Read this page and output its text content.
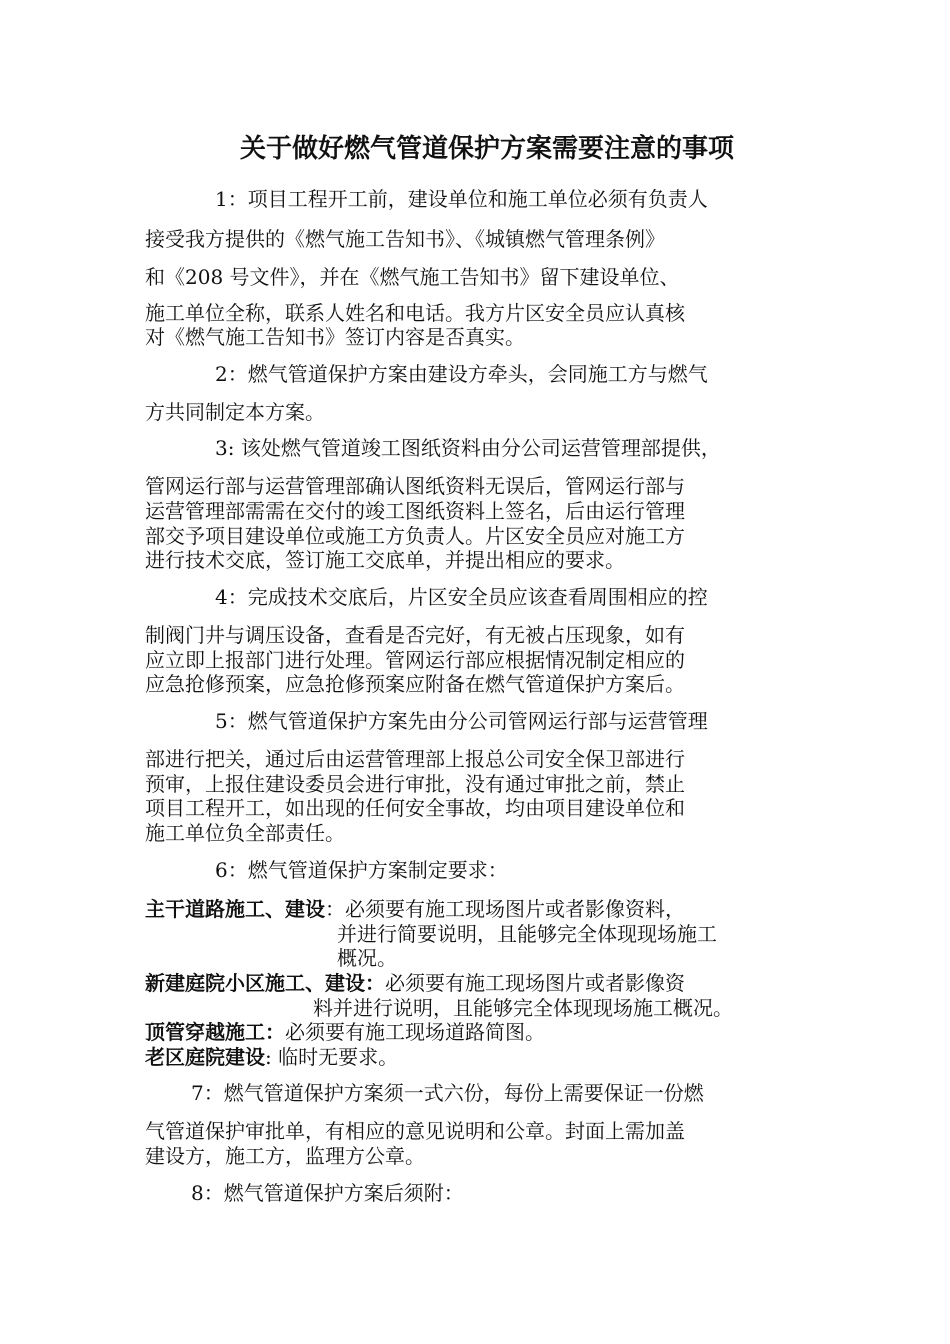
关于做好燃气管道保护方案需要注意的事项
1：项目工程开工前，建设单位和施工单位必须有负责人
接受我方提供的《燃气施工告知书》、《城镇燃气管理条例》
和《208 号文件》，并在《燃气施工告知书》留下建设单位、
施工单位全称，联系人姓名和电话。我方片区安全员应认真核
对《燃气施工告知书》签订内容是否真实。
2：燃气管道保护方案由建设方牵头，会同施工方与燃气
方共同制定本方案。
3: 该处燃气管道竣工图纸资料由分公司运营管理部提供，
管网运行部与运营管理部确认图纸资料无误后，管网运行部与
运营管理部需需在交付的竣工图纸资料上签名，后由运行管理
部交予项目建设单位或施工方负责人。片区安全员应对施工方
进行技术交底，签订施工交底单，并提出相应的要求。
4：完成技术交底后，片区安全员应该查看周围相应的控
制阀门井与调压设备，查看是否完好，有无被占压现象，如有
应立即上报部门进行处理。管网运行部应根据情况制定相应的
应急抢修预案，应急抢修预案应附备在燃气管道保护方案后。
5：燃气管道保护方案先由分公司管网运行部与运营管理
部进行把关，通过后由运营管理部上报总公司安全保卫部进行
预审，上报住建设委员会进行审批，没有通过审批之前，禁止
项目工程开工，如出现的任何安全事故，均由项目建设单位和
施工单位负全部责任。
6：燃气管道保护方案制定要求：
主干道路施工、建设：必须要有施工现场图片或者影像资料，
并进行简要说明，且能够完全体现现场施工
概况。
新建庭院小区施工、建设：必须要有施工现场图片或者影像资
料并进行说明，且能够完全体现现场施工概况。
顶管穿越施工：必须要有施工现场道路简图。
老区庭院建设: 临时无要求。
7：燃气管道保护方案须一式六份，每份上需要保证一份燃
气管道保护审批单，有相应的意见说明和公章。封面上需加盖
建设方，施工方，监理方公章。
8：燃气管道保护方案后须附：
